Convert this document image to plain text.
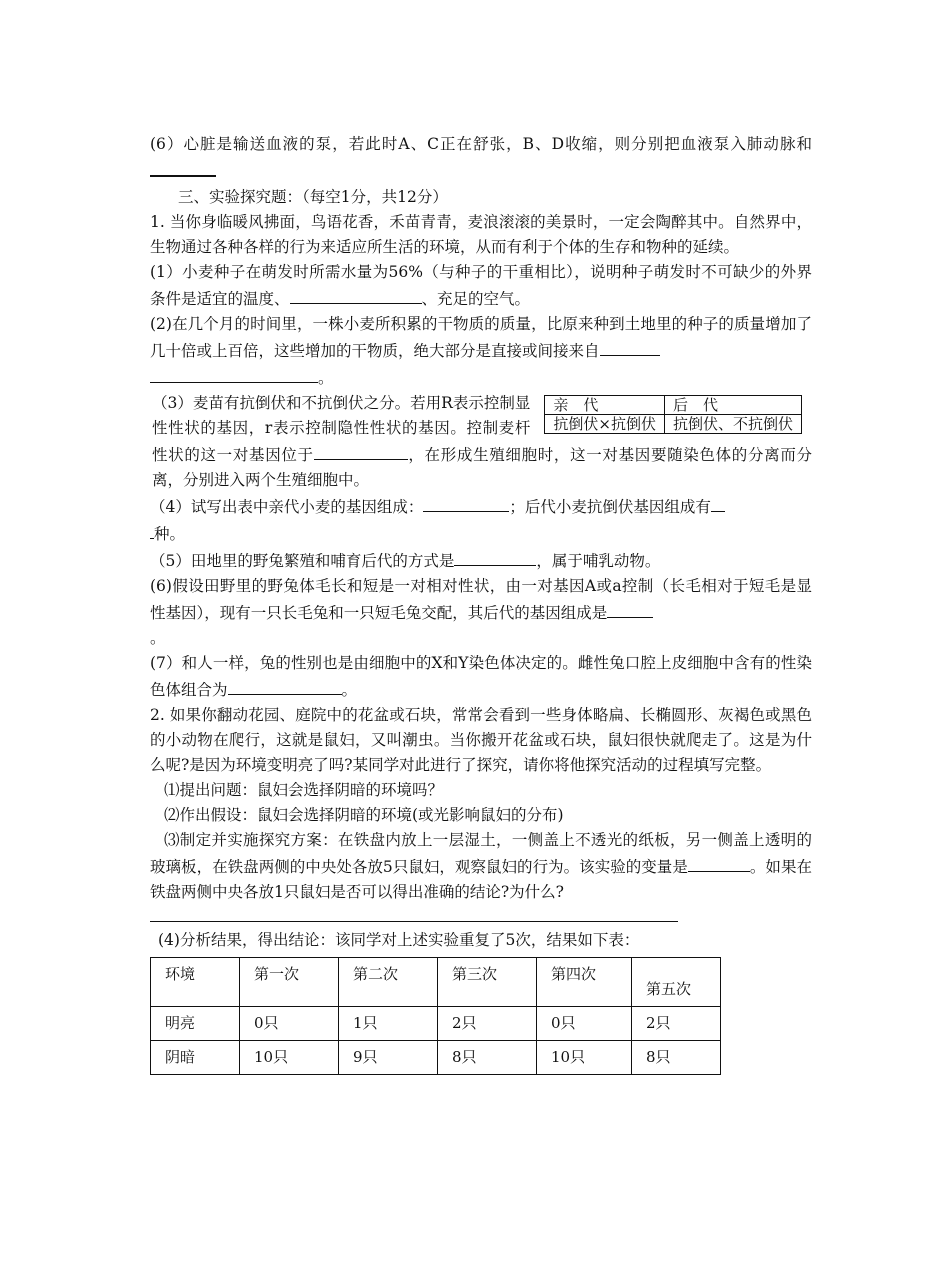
(6）心脏是输送血液的泵，若此时A、C正在舒张，B、D收缩，则分别把血液泵入肺动脉和

三、实验探究题：（每空1分，共12分）

1. 当你身临暖风拂面，鸟语花香，禾苗青青，麦浪滚滚的美景时，一定会陶醉其中。自然界中，生物通过各种各样的行为来适应所生活的环境，从而有利于个体的生存和物种的延续。

(1）小麦种子在萌发时所需水量为56%（与种子的干重相比），说明种子萌发时不可缺少的外界条件是适宜的温度、	、充足的空气。

(2)在几个月的时间里，一株小麦所积累的干物质的质量，比原来种到土地里的种子的质量增加了几十倍或上百倍，这些增加的干物质，绝大部分是直接或间接来自
。

亲　代	后　代
抗倒伏×抗倒伏	抗倒伏、不抗倒伏

（3）麦苗有抗倒伏和不抗倒伏之分。若用R表示控制显性性状的基因，r表示控制隐性性状的基因。控制麦杆性状的这一对基因位于	，在形成生殖细胞时，这一对基因要随染色体的分离而分离，分别进入两个生殖细胞中。

（4）试写出表中亲代小麦的基因组成：	；后代小麦抗倒伏基因组成有
种。

（5）田地里的野兔繁殖和哺育后代的方式是	，属于哺乳动物。

(6)假设田野里的野兔体毛长和短是一对相对性状，由一对基因A或a控制（长毛相对于短毛是显性基因），现有一只长毛兔和一只短毛兔交配，其后代的基因组成是
。

(7）和人一样，兔的性别也是由细胞中的X和Y染色体决定的。雌性兔口腔上皮细胞中含有的性染色体组合为	。

2. 如果你翻动花园、庭院中的花盆或石块，常常会看到一些身体略扁、长椭圆形、灰褐色或黑色的小动物在爬行，这就是鼠妇，又叫潮虫。当你搬开花盆或石块，鼠妇很快就爬走了。这是为什么呢?是因为环境变明亮了吗?某同学对此进行了探究，请你将他探究活动的过程填写完整。

⑴提出问题：鼠妇会选择阴暗的环境吗？

⑵作出假设：鼠妇会选择阴暗的环境(或光影响鼠妇的分布)

⑶制定并实施探究方案：在铁盘内放上一层湿土，一侧盖上不透光的纸板，另一侧盖上透明的玻璃板，在铁盘两侧的中央处各放5只鼠妇，观察鼠妇的行为。该实验的变量是	。如果在铁盘两侧中央各放1只鼠妇是否可以得出准确的结论?为什么?

(4)分析结果，得出结论：该同学对上述实验重复了5次，结果如下表：

环境	第一次	第二次	第三次	第四次	第五次
明亮	0只	1只	2只	0只	2只
阴暗	10只	9只	8只	10只	8只
